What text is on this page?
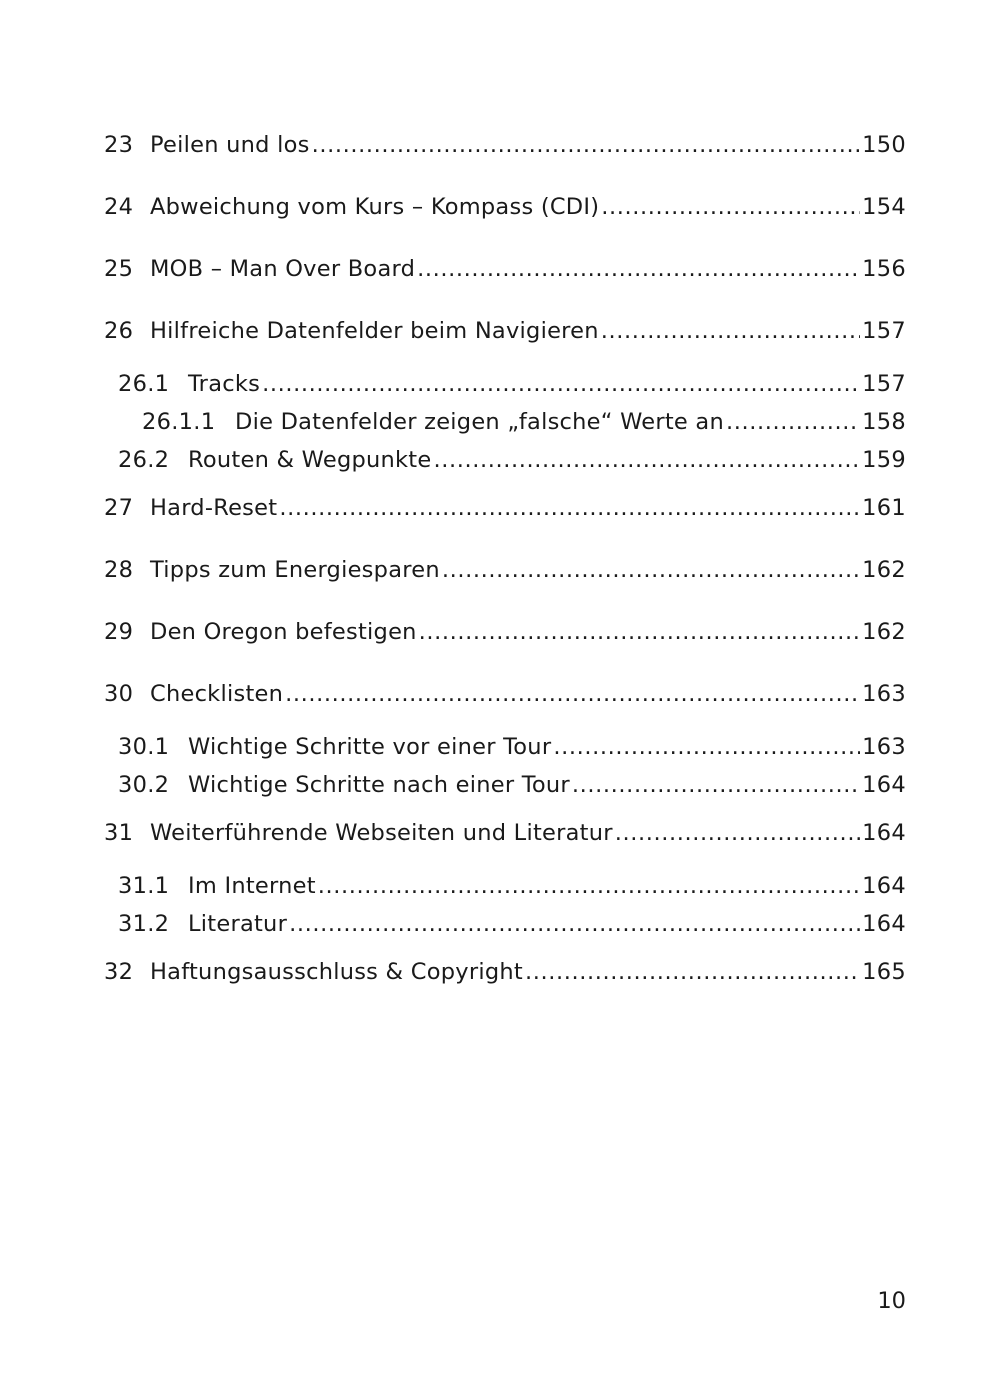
23 Peilen und los .....	150
24 Abweichung vom Kurs – Kompass (CDI) .....	154
25 MOB – Man Over Board .....	156
26 Hilfreiche Datenfelder beim Navigieren .....	157
26.1 Tracks .....	157
26.1.1 Die Datenfelder zeigen „falsche“ Werte an .....	158
26.2 Routen & Wegpunkte .....	159
27 Hard-Reset .....	161
28 Tipps zum Energiesparen .....	162
29 Den Oregon befestigen .....	162
30 Checklisten .....	163
30.1 Wichtige Schritte vor einer Tour .....	163
30.2 Wichtige Schritte nach einer Tour .....	164
31 Weiterführende Webseiten und Literatur .....	164
31.1 Im Internet .....	164
31.2 Literatur .....	164
32 Haftungsausschluss & Copyright .....	165
10
